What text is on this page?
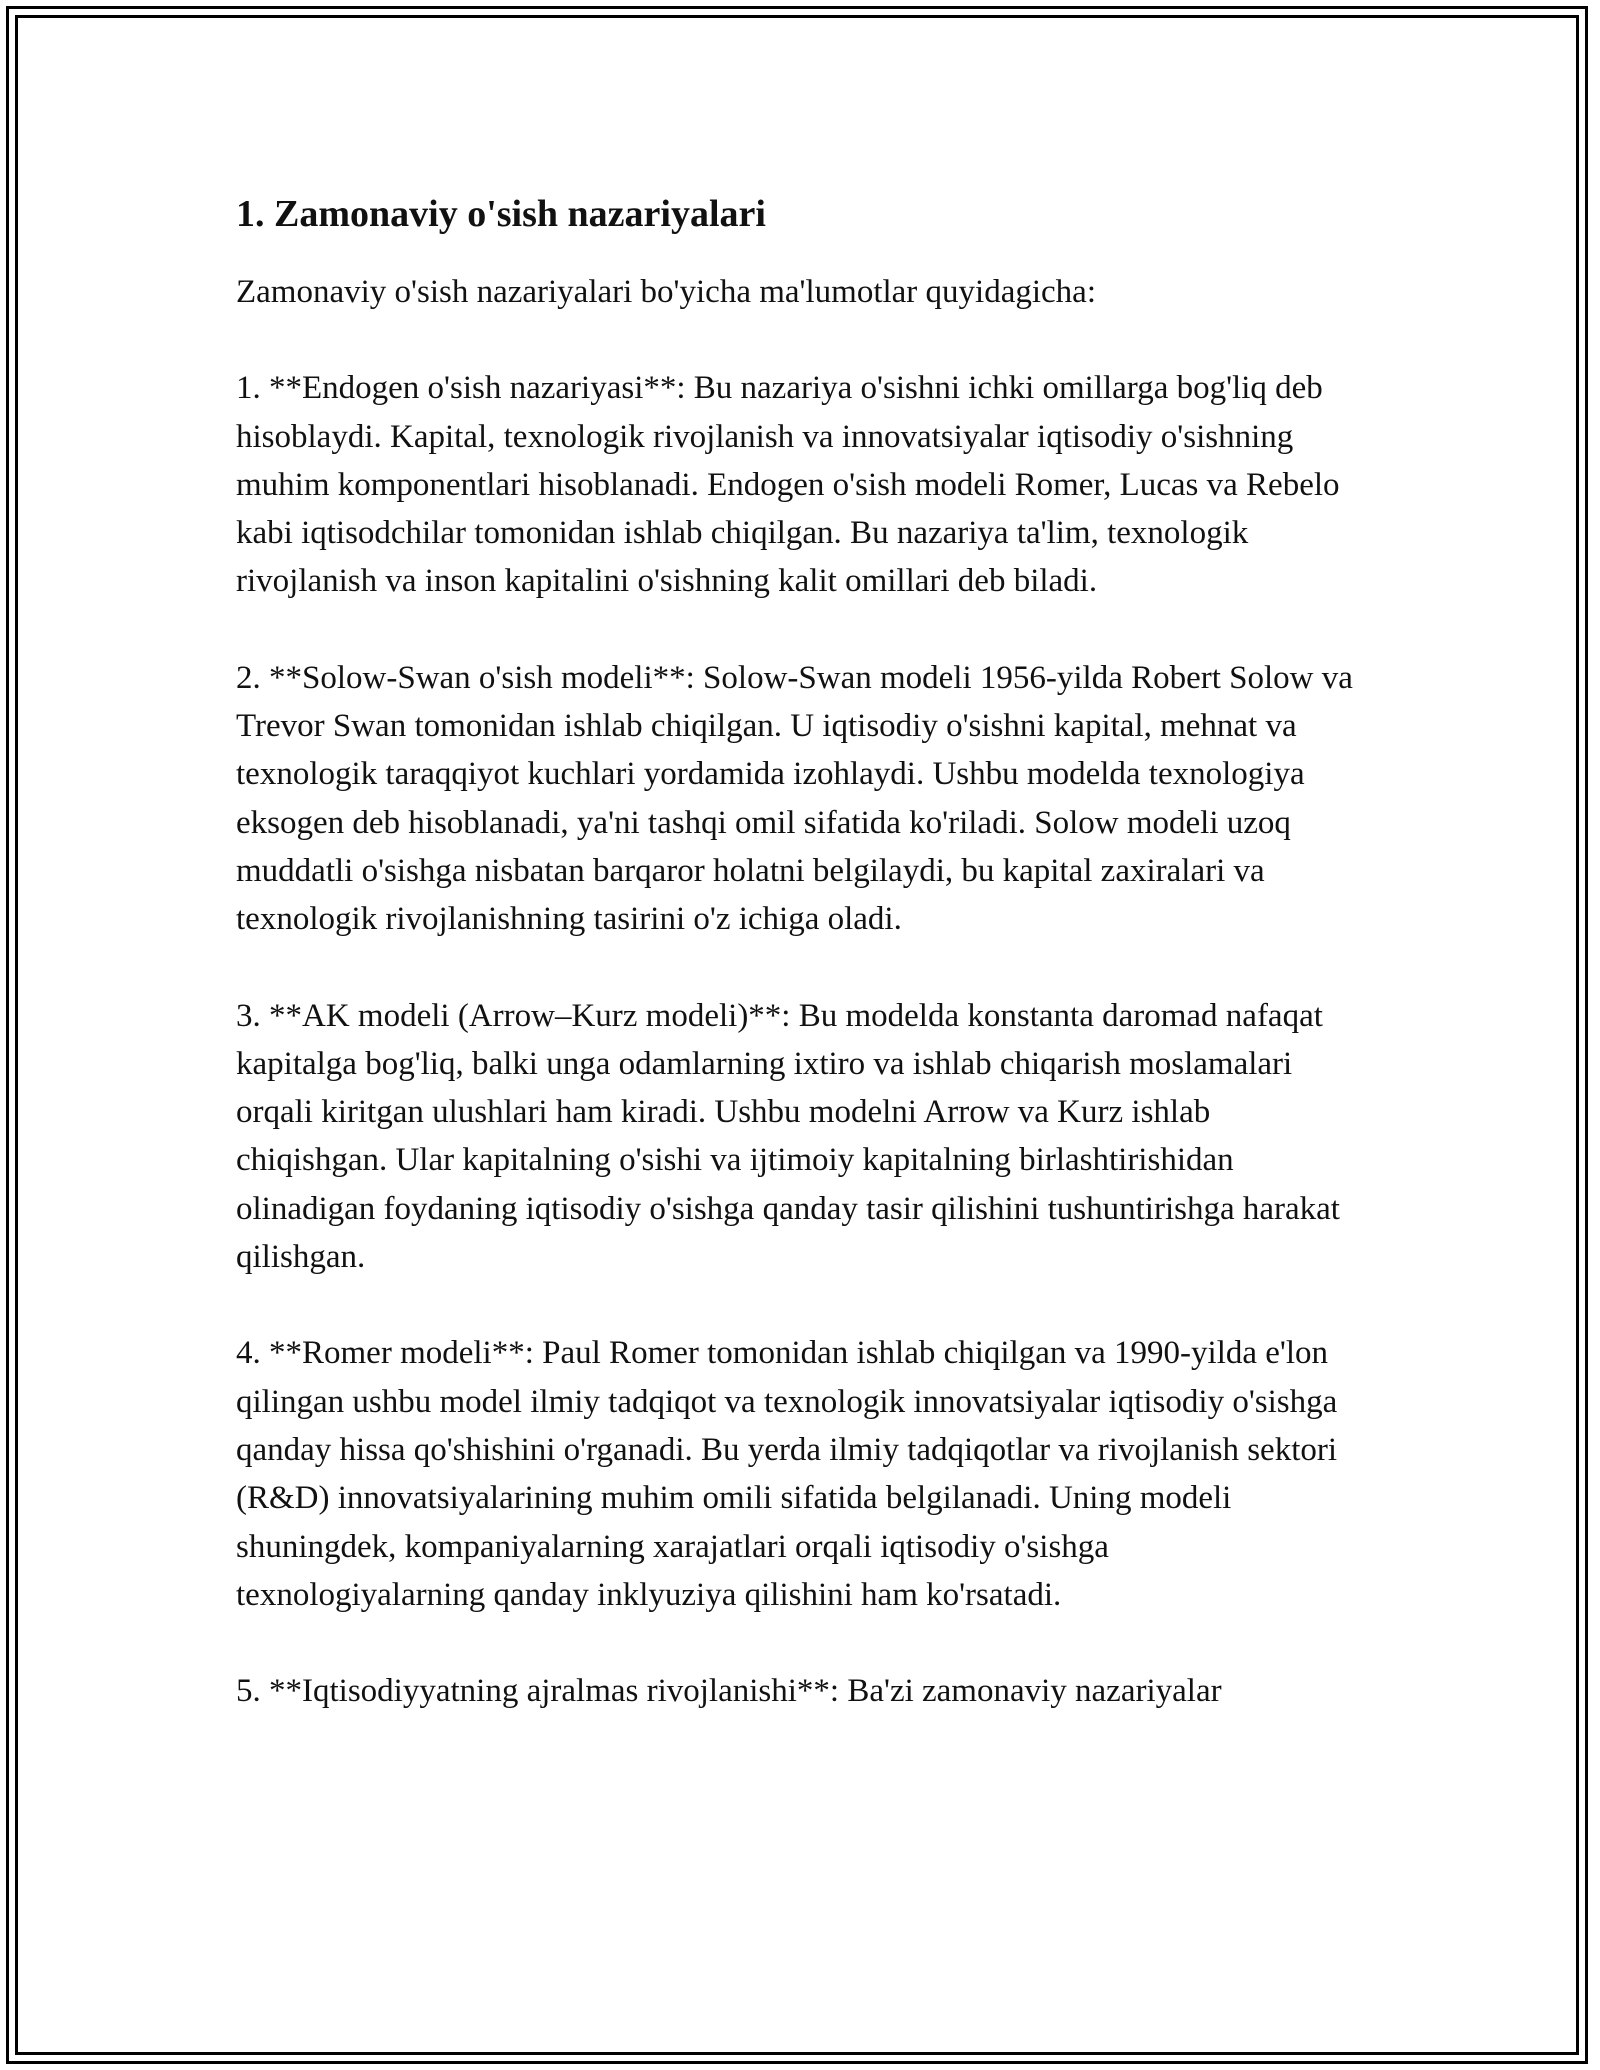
1. Zamonaviy o'sish nazariyalari

Zamonaviy o'sish nazariyalari bo'yicha ma'lumotlar quyidagicha:

1. **Endogen o'sish nazariyasi**: Bu nazariya o'sishni ichki omillarga bog'liq deb hisoblaydi. Kapital, texnologik rivojlanish va innovatsiyalar iqtisodiy o'sishning muhim komponentlari hisoblanadi. Endogen o'sish modeli Romer, Lucas va Rebelo kabi iqtisodchilar tomonidan ishlab chiqilgan. Bu nazariya ta'lim, texnologik rivojlanish va inson kapitalini o'sishning kalit omillari deb biladi.

2. **Solow-Swan o'sish modeli**: Solow-Swan modeli 1956-yilda Robert Solow va Trevor Swan tomonidan ishlab chiqilgan. U iqtisodiy o'sishni kapital, mehnat va texnologik taraqqiyot kuchlari yordamida izohlaydi. Ushbu modelda texnologiya eksogen deb hisoblanadi, ya'ni tashqi omil sifatida ko'riladi. Solow modeli uzoq muddatli o'sishga nisbatan barqaror holatni belgilaydi, bu kapital zaxiralari va texnologik rivojlanishning tasirini o'z ichiga oladi.

3. **AK modeli (Arrow–Kurz modeli)**: Bu modelda konstanta daromad nafaqat kapitalga bog'liq, balki unga odamlarning ixtiro va ishlab chiqarish moslamalari orqali kiritgan ulushlari ham kiradi. Ushbu modelni Arrow va Kurz ishlab chiqishgan. Ular kapitalning o'sishi va ijtimoiy kapitalning birlashtirishidan olinadigan foydaning iqtisodiy o'sishga qanday tasir qilishini tushuntirishga harakat qilishgan.

4. **Romer modeli**: Paul Romer tomonidan ishlab chiqilgan va 1990-yilda e'lon qilingan ushbu model ilmiy tadqiqot va texnologik innovatsiyalar iqtisodiy o'sishga qanday hissa qo'shishini o'rganadi. Bu yerda ilmiy tadqiqotlar va rivojlanish sektori (R&D) innovatsiyalarining muhim omili sifatida belgilanadi. Uning modeli shuningdek, kompaniyalarning xarajatlari orqali iqtisodiy o'sishga texnologiyalarning qanday inklyuziya qilishini ham ko'rsatadi.

5. **Iqtisodiyyatning ajralmas rivojlanishi**: Ba'zi zamonaviy nazariyalar
